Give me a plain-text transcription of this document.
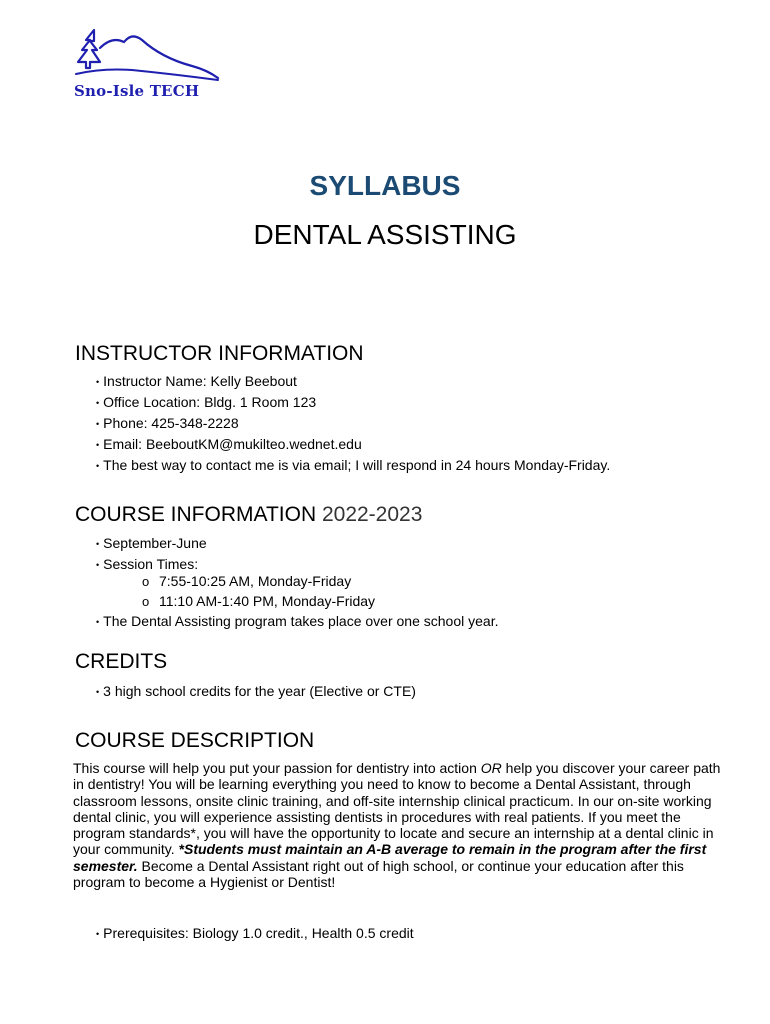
Sno-Isle TECH
SYLLABUS
DENTAL ASSISTING
INSTRUCTOR INFORMATION
• Instructor Name: Kelly Beebout
• Office Location: Bldg. 1 Room 123
• Phone: 425-348-2228
• Email: BeeboutKM@mukilteo.wednet.edu
• The best way to contact me is via email; I will respond in 24 hours Monday-Friday.
COURSE INFORMATION 2022-2023
• September-June
• Session Times:
o 7:55-10:25 AM, Monday-Friday
o 11:10 AM-1:40 PM, Monday-Friday
• The Dental Assisting program takes place over one school year.
CREDITS
• 3 high school credits for the year (Elective or CTE)
COURSE DESCRIPTION
This course will help you put your passion for dentistry into action OR help you discover your career path in dentistry! You will be learning everything you need to know to become a Dental Assistant, through classroom lessons, onsite clinic training, and off-site internship clinical practicum. In our on-site working dental clinic, you will experience assisting dentists in procedures with real patients. If you meet the program standards*, you will have the opportunity to locate and secure an internship at a dental clinic in your community. *Students must maintain an A-B average to remain in the program after the first semester. Become a Dental Assistant right out of high school, or continue your education after this program to become a Hygienist or Dentist!
• Prerequisites: Biology 1.0 credit., Health 0.5 credit
